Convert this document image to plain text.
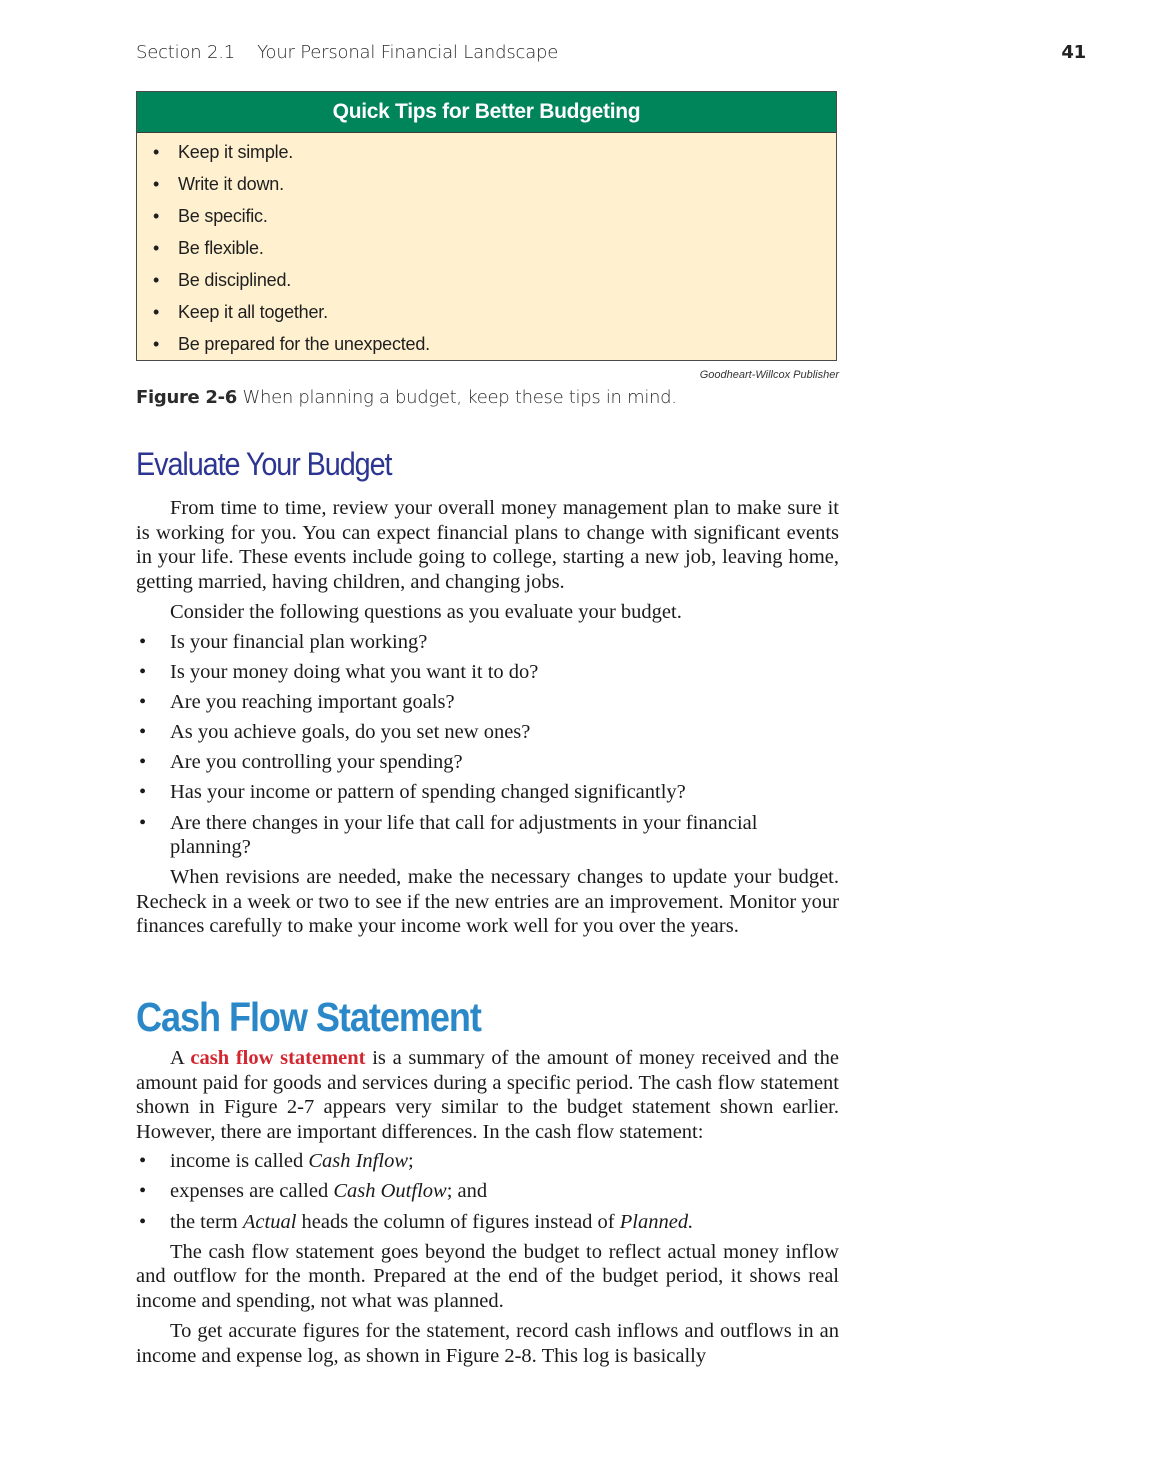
Section 2.1    Your Personal Financial Landscape	41
Quick Tips for Better Budgeting
• Keep it simple.
• Write it down.
• Be specific.
• Be flexible.
• Be disciplined.
• Keep it all together.
• Be prepared for the unexpected.
Goodheart-Willcox Publisher
Figure 2-6 When planning a budget, keep these tips in mind.
Evaluate Your Budget

From time to time, review your overall money management plan to make sure it is working for you. You can expect financial plans to change with significant events in your life. These events include going to college, starting a new job, leaving home, getting married, having children, and changing jobs.

Consider the following questions as you evaluate your budget.

• Is your financial plan working?
• Is your money doing what you want it to do?
• Are you reaching important goals?
• As you achieve goals, do you set new ones?
• Are you controlling your spending?
• Has your income or pattern of spending changed significantly?
• Are there changes in your life that call for adjustments in your financial planning?

When revisions are needed, make the necessary changes to update your budget. Recheck in a week or two to see if the new entries are an improvement. Monitor your finances carefully to make your income work well for you over the years.

Cash Flow Statement

A cash flow statement is a summary of the amount of money received and the amount paid for goods and services during a specific period. The cash flow statement shown in Figure 2-7 appears very similar to the budget statement shown earlier. However, there are important differences. In the cash flow statement:

• income is called Cash Inflow;
• expenses are called Cash Outflow; and
• the term Actual heads the column of figures instead of Planned.

The cash flow statement goes beyond the budget to reflect actual money inflow and outflow for the month. Prepared at the end of the budget period, it shows real income and spending, not what was planned.

To get accurate figures for the statement, record cash inflows and outflows in an income and expense log, as shown in Figure 2-8. This log is basically
